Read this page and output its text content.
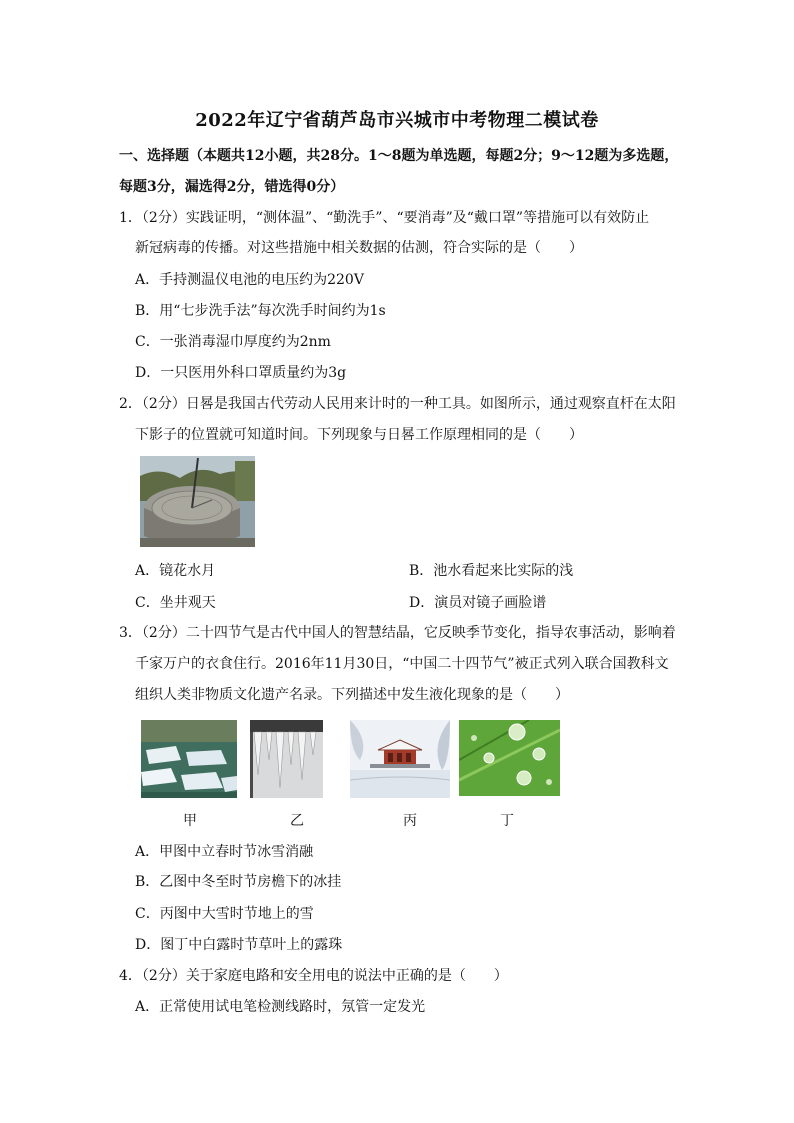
2022年辽宁省葫芦岛市兴城市中考物理二模试卷
一、选择题（本题共12小题，共28分。1～8题为单选题，每题2分；9～12题为多选题，
每题3分，漏选得2分，错选得0分）
1．（2分）实践证明，“测体温”、“勤洗手”、“要消毒”及“戴口罩”等措施可以有效防止
新冠病毒的传播。对这些措施中相关数据的估测，符合实际的是（　　）
A．手持测温仪电池的电压约为220V
B．用“七步洗手法”每次洗手时间约为1s
C．一张消毒湿巾厚度约为2nm
D．一只医用外科口罩质量约为3g
2．（2分）日晷是我国古代劳动人民用来计时的一种工具。如图所示，通过观察直杆在太阳
下影子的位置就可知道时间。下列现象与日晷工作原理相同的是（　　）
A．镜花水月	B．池水看起来比实际的浅
C．坐井观天	D．演员对镜子画脸谱
3．（2分）二十四节气是古代中国人的智慧结晶，它反映季节变化，指导农事活动，影响着
千家万户的衣食住行。2016年11月30日，“中国二十四节气”被正式列入联合国教科文
组织人类非物质文化遗产名录。下列描述中发生液化现象的是（　　）
甲	乙	丙	丁
A．甲图中立春时节冰雪消融
B．乙图中冬至时节房檐下的冰挂
C．丙图中大雪时节地上的雪
D．图丁中白露时节草叶上的露珠
4．（2分）关于家庭电路和安全用电的说法中正确的是（　　）
A．正常使用试电笔检测线路时，氖管一定发光
